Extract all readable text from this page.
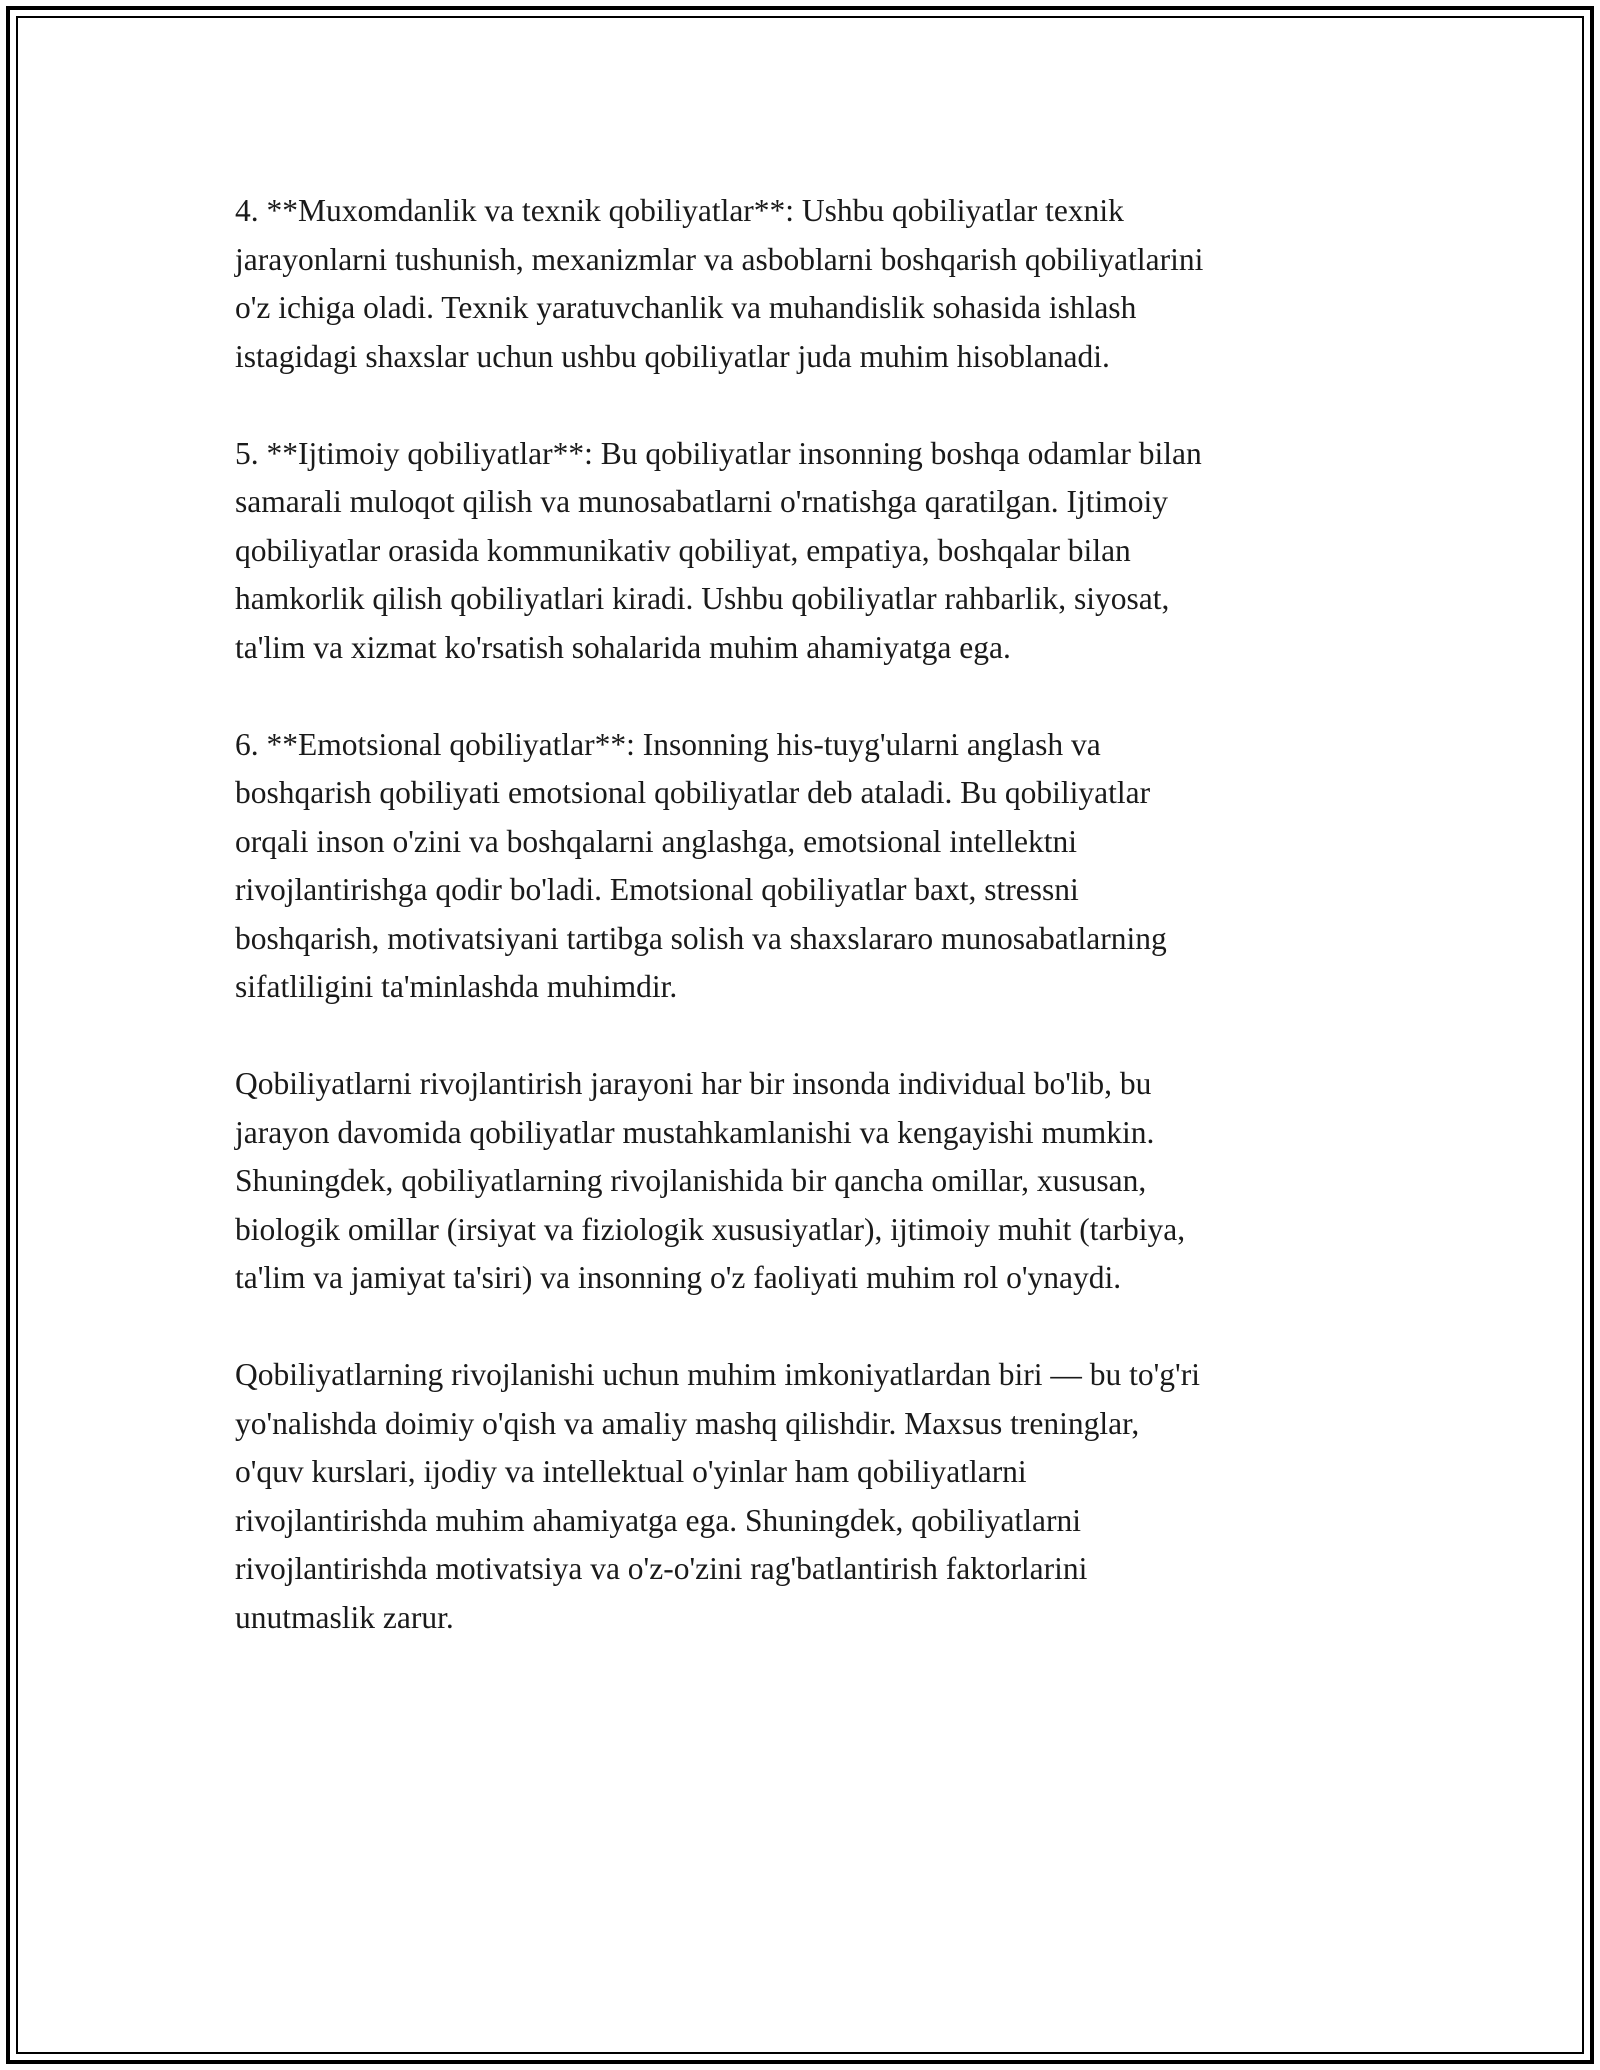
4. **Muxomdanlik va texnik qobiliyatlar**: Ushbu qobiliyatlar texnik
jarayonlarni tushunish, mexanizmlar va asboblarni boshqarish qobiliyatlarini
o'z ichiga oladi. Texnik yaratuvchanlik va muhandislik sohasida ishlash
istagidagi shaxslar uchun ushbu qobiliyatlar juda muhim hisoblanadi.

5. **Ijtimoiy qobiliyatlar**: Bu qobiliyatlar insonning boshqa odamlar bilan
samarali muloqot qilish va munosabatlarni o'rnatishga qaratilgan. Ijtimoiy
qobiliyatlar orasida kommunikativ qobiliyat, empatiya, boshqalar bilan
hamkorlik qilish qobiliyatlari kiradi. Ushbu qobiliyatlar rahbarlik, siyosat,
ta'lim va xizmat ko'rsatish sohalarida muhim ahamiyatga ega.

6. **Emotsional qobiliyatlar**: Insonning his-tuyg'ularni anglash va
boshqarish qobiliyati emotsional qobiliyatlar deb ataladi. Bu qobiliyatlar
orqali inson o'zini va boshqalarni anglashga, emotsional intellektni
rivojlantirishga qodir bo'ladi. Emotsional qobiliyatlar baxt, stressni
boshqarish, motivatsiyani tartibga solish va shaxslararo munosabatlarning
sifatliligini ta'minlashda muhimdir.

Qobiliyatlarni rivojlantirish jarayoni har bir insonda individual bo'lib, bu
jarayon davomida qobiliyatlar mustahkamlanishi va kengayishi mumkin.
Shuningdek, qobiliyatlarning rivojlanishida bir qancha omillar, xususan,
biologik omillar (irsiyat va fiziologik xususiyatlar), ijtimoiy muhit (tarbiya,
ta'lim va jamiyat ta'siri) va insonning o'z faoliyati muhim rol o'ynaydi.

Qobiliyatlarning rivojlanishi uchun muhim imkoniyatlardan biri — bu to'g'ri
yo'nalishda doimiy o'qish va amaliy mashq qilishdir. Maxsus treninglar,
o'quv kurslari, ijodiy va intellektual o'yinlar ham qobiliyatlarni
rivojlantirishda muhim ahamiyatga ega. Shuningdek, qobiliyatlarni
rivojlantirishda motivatsiya va o'z-o'zini rag'batlantirish faktorlarini
unutmaslik zarur.
